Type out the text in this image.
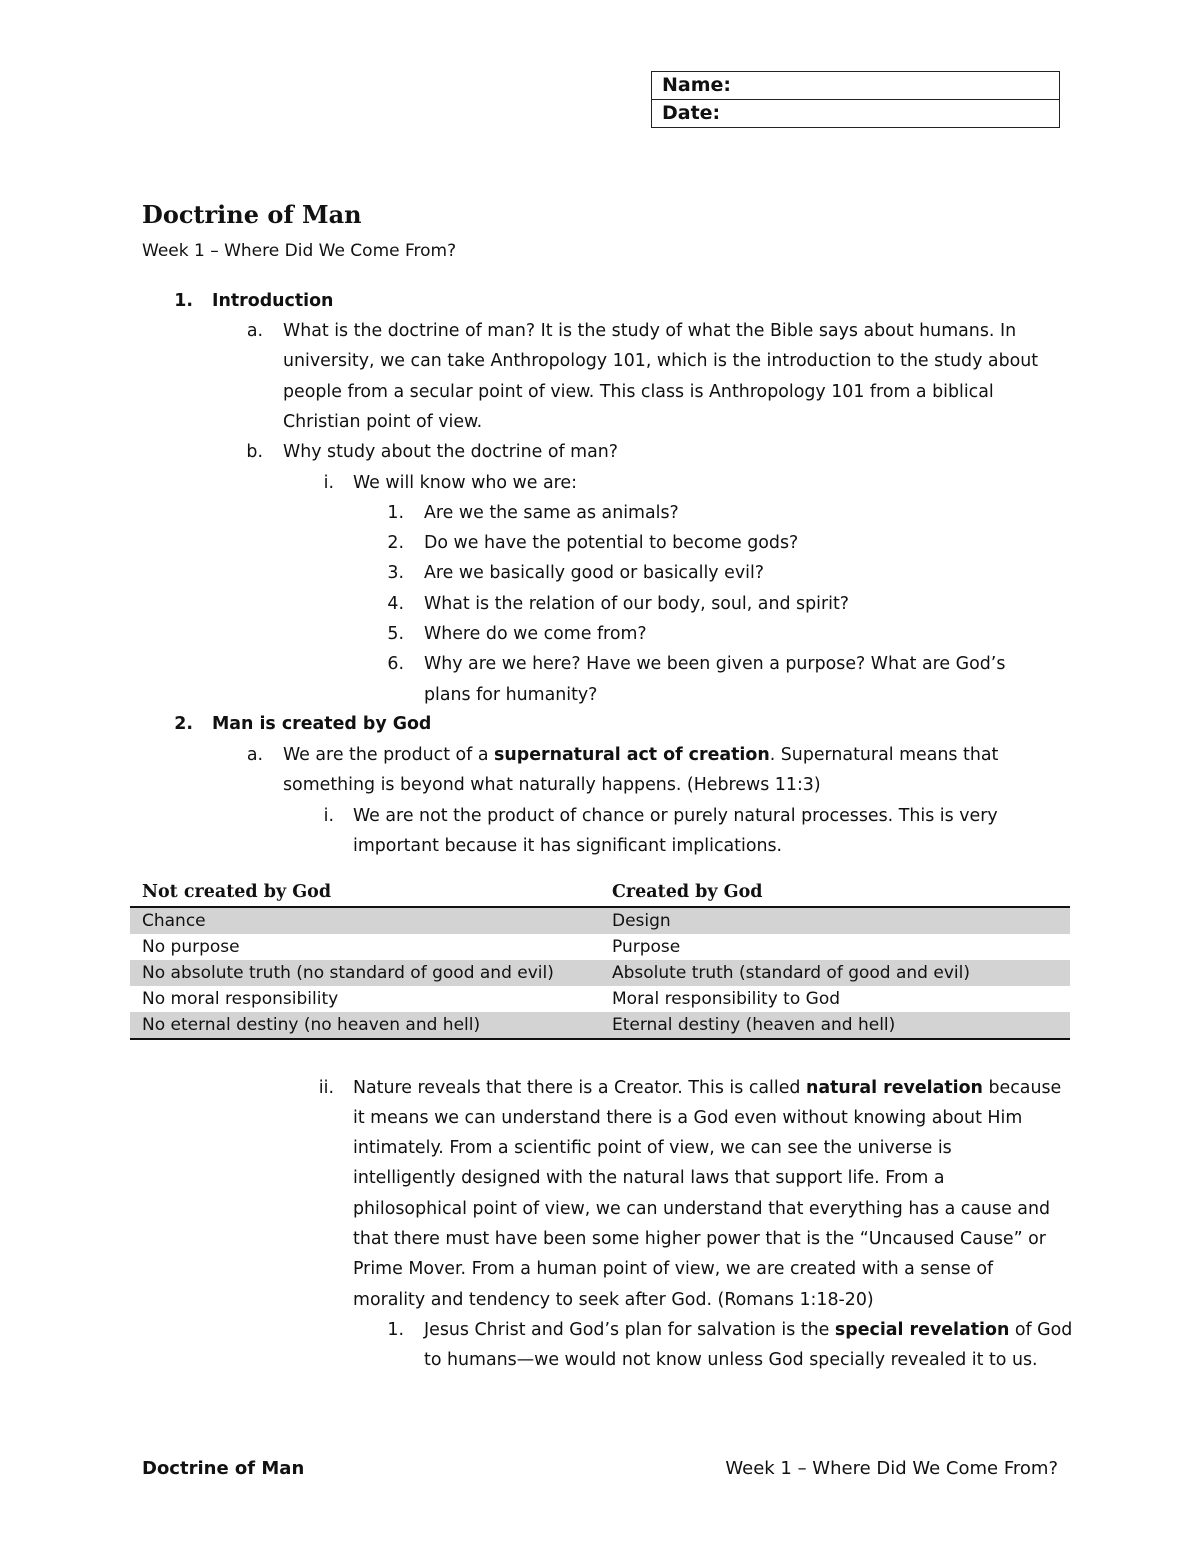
Name:
Date:
Doctrine of Man
Week 1 – Where Did We Come From?
1. Introduction
a. What is the doctrine of man? It is the study of what the Bible says about humans. In
university, we can take Anthropology 101, which is the introduction to the study about
people from a secular point of view. This class is Anthropology 101 from a biblical
Christian point of view.
b. Why study about the doctrine of man?
i. We will know who we are:
1. Are we the same as animals?
2. Do we have the potential to become gods?
3. Are we basically good or basically evil?
4. What is the relation of our body, soul, and spirit?
5. Where do we come from?
6. Why are we here? Have we been given a purpose? What are God’s
plans for humanity?
2. Man is created by God
a. We are the product of a supernatural act of creation. Supernatural means that
something is beyond what naturally happens. (Hebrews 11:3)
i. We are not the product of chance or purely natural processes. This is very
important because it has significant implications.
Not created by God	Created by God
Chance	Design
No purpose	Purpose
No absolute truth (no standard of good and evil)	Absolute truth (standard of good and evil)
No moral responsibility	Moral responsibility to God
No eternal destiny (no heaven and hell)	Eternal destiny (heaven and hell)
ii. Nature reveals that there is a Creator. This is called natural revelation because
it means we can understand there is a God even without knowing about Him
intimately. From a scientific point of view, we can see the universe is
intelligently designed with the natural laws that support life. From a
philosophical point of view, we can understand that everything has a cause and
that there must have been some higher power that is the “Uncaused Cause” or
Prime Mover. From a human point of view, we are created with a sense of
morality and tendency to seek after God. (Romans 1:18-20)
1. Jesus Christ and God’s plan for salvation is the special revelation of God
to humans—we would not know unless God specially revealed it to us.
Doctrine of Man	Week 1 – Where Did We Come From?
